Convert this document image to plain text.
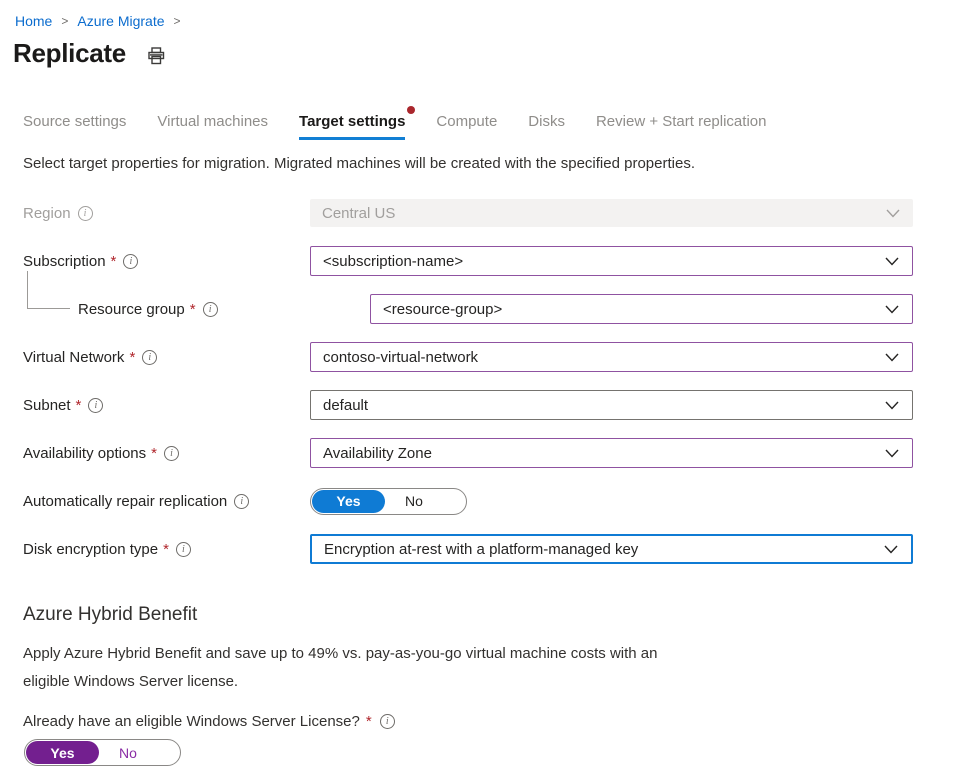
Home > Azure Migrate >
Replicate
Source settings Virtual machines Target settings Compute Disks Review + Start replication
Select target properties for migration. Migrated machines will be created with the specified properties.
Region	i	Central US
Subscription *	i	<subscription-name>
Resource group *	i	<resource-group>
Virtual Network *	i	contoso-virtual-network
Subnet *	i	default
Availability options *	i	Availability Zone
Automatically repair replication	i	Yes	No
Disk encryption type *	i	Encryption at-rest with a platform-managed key
Azure Hybrid Benefit
Apply Azure Hybrid Benefit and save up to 49% vs. pay-as-you-go virtual machine costs with an eligible Windows Server license.
Already have an eligible Windows Server License? *	i
Yes	No
